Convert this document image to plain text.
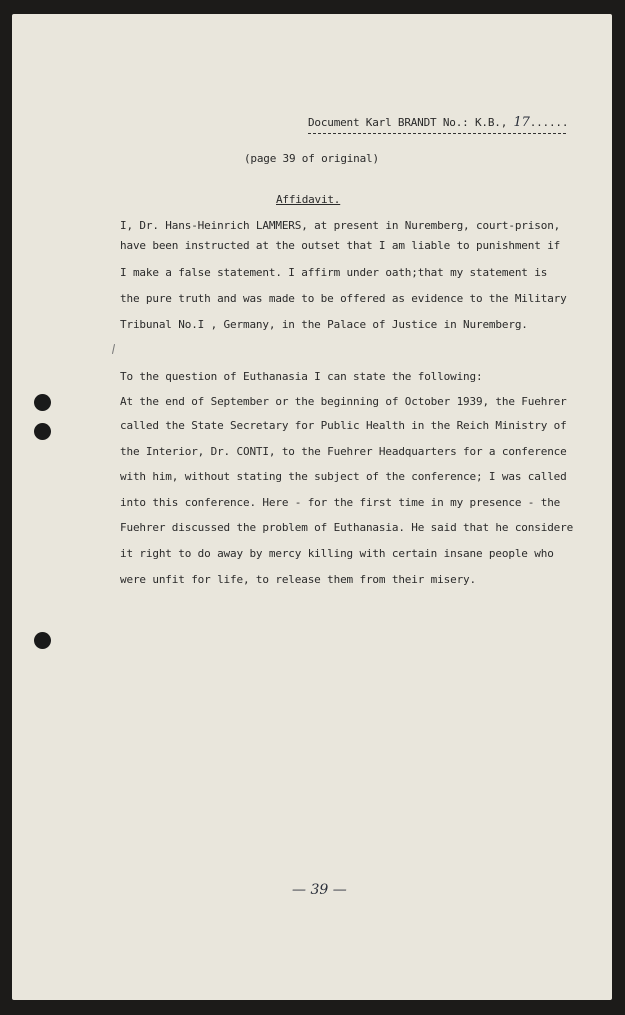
Document Karl BRANDT No.: K.B., 17......
(page 39 of original)
Affidavit.
I, Dr. Hans-Heinrich LAMMERS, at present in Nuremberg, court-prison,
have been instructed at the outset that I am liable to punishment if
I make a false statement. I affirm under oath;that my statement is
the pure truth and was made to be offered as evidence to the Military
Tribunal No.I , Germany, in the Palace of Justice in Nuremberg.
To the question of Euthanasia I can state the following:
At the end of September or the beginning of October 1939, the Fuehrer
called the State Secretary for Public Health in the Reich Ministry of
the Interior, Dr. CONTI, to the Fuehrer Headquarters for a conference
with him, without stating the subject of the conference; I was called
into this conference. Here - for the first time in my presence - the
Fuehrer discussed the problem of Euthanasia. He said that he considere
it right to do away by mercy killing with certain insane people who
were unfit for life, to release them from their misery.
— 39 —
